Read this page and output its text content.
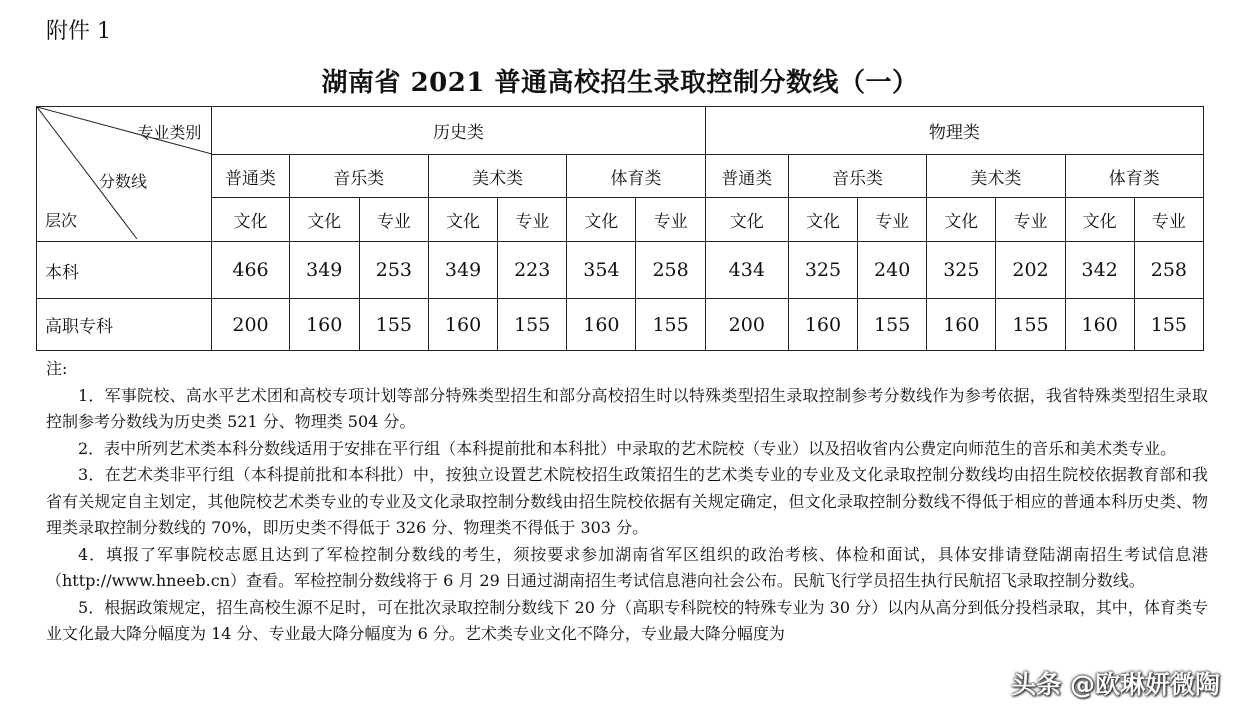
附件 1
湖南省 2021 普通高校招生录取控制分数线（一）
专业类别
分数线
层次	历史类							物理类						
	普通类	音乐类		美术类		体育类		普通类	音乐类		美术类		体育类	
	文化	文化	专业	文化	专业	文化	专业	文化	文化	专业	文化	专业	文化	专业
本科	466	349	253	349	223	354	258	434	325	240	325	202	342	258
高职专科	200	160	155	160	155	160	155	200	160	155	160	155	160	155

注:

1．军事院校、高水平艺术团和高校专项计划等部分特殊类型招生和部分高校招生时以特殊类型招生录取控制参考分数线作为参考依据，我省特殊类型招生录取控制参考分数线为历史类 521 分、物理类 504 分。

2．表中所列艺术类本科分数线适用于安排在平行组（本科提前批和本科批）中录取的艺术院校（专业）以及招收省内公费定向师范生的音乐和美术类专业。

3．在艺术类非平行组（本科提前批和本科批）中，按独立设置艺术院校招生政策招生的艺术类专业的专业及文化录取控制分数线均由招生院校依据教育部和我省有关规定自主划定，其他院校艺术类专业的专业及文化录取控制分数线由招生院校依据有关规定确定，但文化录取控制分数线不得低于相应的普通本科历史类、物理类录取控制分数线的 70%，即历史类不得低于 326 分、物理类不得低于 303 分。

4．填报了军事院校志愿且达到了军检控制分数线的考生，须按要求参加湖南省军区组织的政治考核、体检和面试，具体安排请登陆湖南招生考试信息港（http://www.hneeb.cn）查看。军检控制分数线将于 6 月 29 日通过湖南招生考试信息港向社会公布。民航飞行学员招生执行民航招飞录取控制分数线。

5．根据政策规定，招生高校生源不足时，可在批次录取控制分数线下 20 分（高职专科院校的特殊专业为 30 分）以内从高分到低分投档录取，其中，体育类专业文化最大降分幅度为 14 分、专业最大降分幅度为 6 分。艺术类专业文化不降分，专业最大降分幅度为

头条 @欧琳妍微陶
